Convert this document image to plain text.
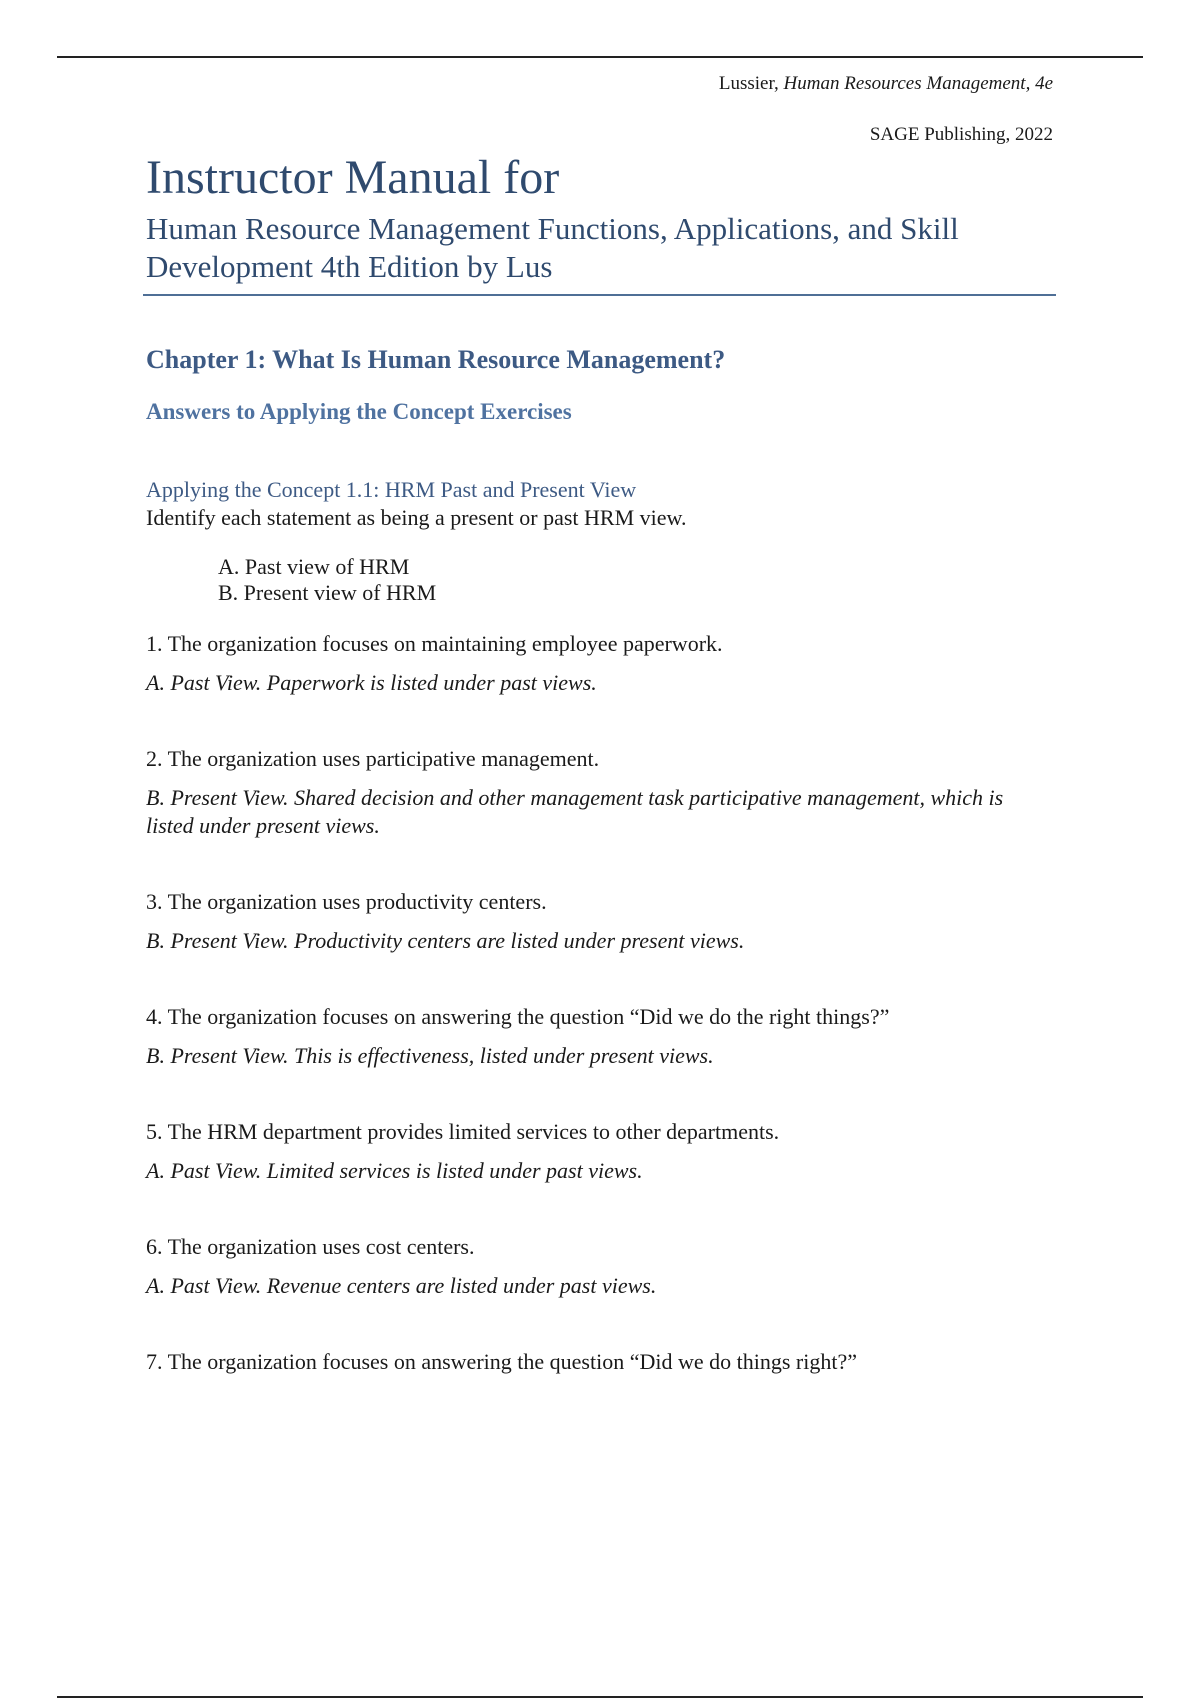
Lussier, Human Resources Management, 4e
SAGE Publishing, 2022
Instructor Manual for
Human Resource Management Functions, Applications, and Skill Development 4th Edition by Lus
Chapter 1: What Is Human Resource Management?
Answers to Applying the Concept Exercises
Applying the Concept 1.1: HRM Past and Present View

Identify each statement as being a present or past HRM view.

A. Past view of HRM
B. Present view of HRM

1. The organization focuses on maintaining employee paperwork.

A. Past View. Paperwork is listed under past views.

2. The organization uses participative management.

B. Present View. Shared decision and other management task participative management, which is listed under present views.

3. The organization uses productivity centers.

B. Present View. Productivity centers are listed under present views.

4. The organization focuses on answering the question “Did we do the right things?”

B. Present View. This is effectiveness, listed under present views.

5. The HRM department provides limited services to other departments.

A. Past View. Limited services is listed under past views.

6. The organization uses cost centers.

A. Past View. Revenue centers are listed under past views.

7. The organization focuses on answering the question “Did we do things right?”
